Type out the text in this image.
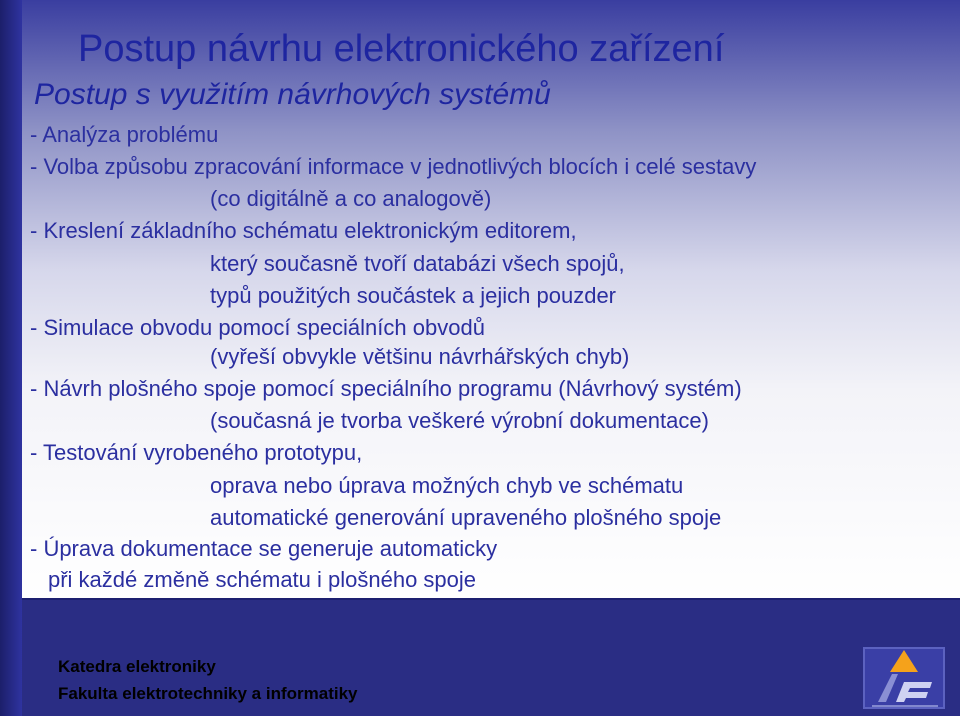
Postup návrhu elektronického zařízení
Postup s využitím návrhových systémů
- Analýza problému
- Volba způsobu zpracování informace v jednotlivých blocích i celé sestavy
(co digitálně a co analogově)
- Kreslení základního schématu elektronickým editorem,
který současně tvoří databázi všech spojů,
typů použitých součástek a jejich pouzder
- Simulace obvodu pomocí speciálních obvodů
(vyřeší obvykle většinu návrhářských chyb)
- Návrh plošného spoje pomocí speciálního programu (Návrhový systém)
(současná je tvorba veškeré výrobní dokumentace)
- Testování vyrobeného prototypu,
oprava nebo úprava možných chyb ve schématu
automatické generování upraveného plošného spoje
- Úprava dokumentace se generuje automaticky
při každé změně schématu i plošného spoje
Katedra elektroniky
Fakulta elektrotechniky a informatiky
